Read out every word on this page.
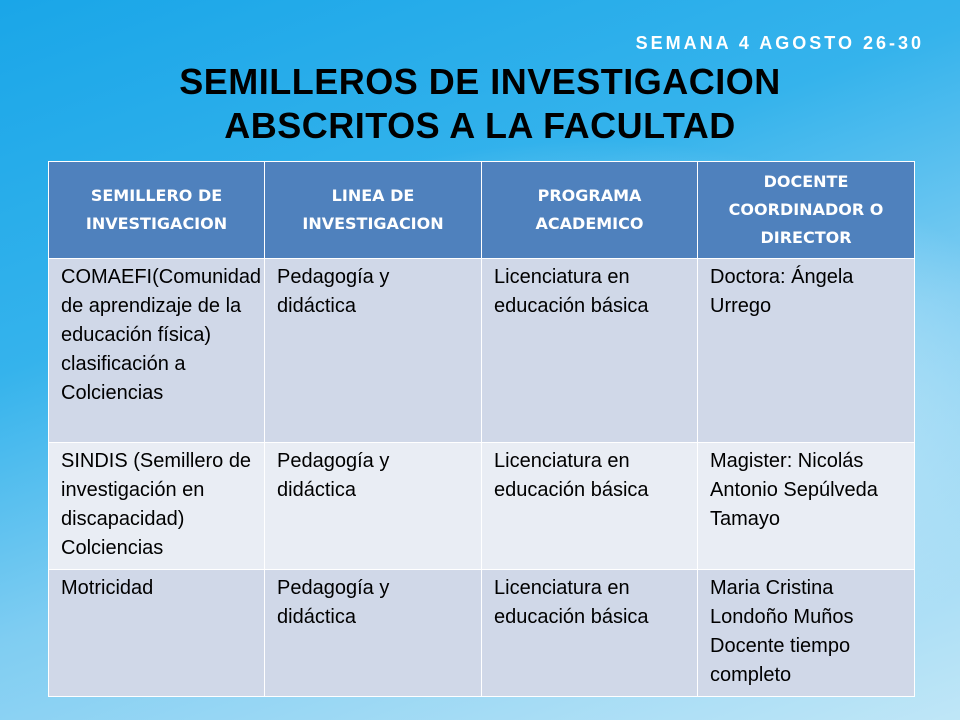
SEMANA 4 AGOSTO 26-30
SEMILLEROS DE INVESTIGACION
ABSCRITOS A LA FACULTAD
SEMILLERO DE INVESTIGACION	LINEA DE INVESTIGACION	PROGRAMA ACADEMICO	DOCENTE COORDINADOR O DIRECTOR
COMAEFI(Comunidad de aprendizaje de la educación física) clasificación a Colciencias	Pedagogía y didáctica	Licenciatura en educación básica	Doctora: Ángela Urrego
SINDIS (Semillero de investigación en discapacidad) Colciencias	Pedagogía y didáctica	Licenciatura en educación básica	Magister: Nicolás Antonio Sepúlveda Tamayo
Motricidad	Pedagogía y didáctica	Licenciatura en educación básica	Maria Cristina Londoño Muños Docente tiempo completo
